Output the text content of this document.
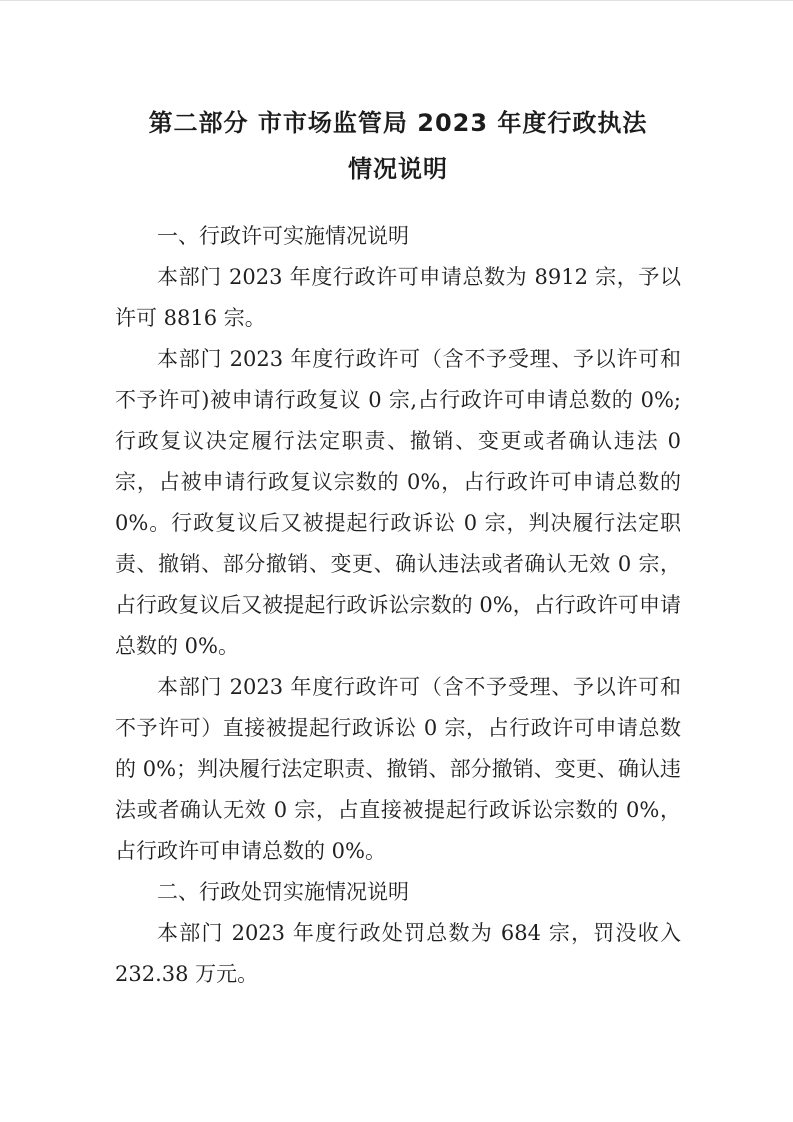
第二部分 市市场监管局 2023 年度行政执法
情况说明

一、行政许可实施情况说明

本部门 2023 年度行政许可申请总数为 8912 宗，予以许可 8816 宗。

本部门 2023 年度行政许可（含不予受理、予以许可和不予许可)被申请行政复议 0 宗,占行政许可申请总数的 0%;行政复议决定履行法定职责、撤销、变更或者确认违法 0 宗，占被申请行政复议宗数的 0%，占行政许可申请总数的 0%。行政复议后又被提起行政诉讼 0 宗，判决履行法定职责、撤销、部分撤销、变更、确认违法或者确认无效 0 宗，占行政复议后又被提起行政诉讼宗数的 0%，占行政许可申请总数的 0%。

本部门 2023 年度行政许可（含不予受理、予以许可和不予许可）直接被提起行政诉讼 0 宗，占行政许可申请总数的 0%；判决履行法定职责、撤销、部分撤销、变更、确认违法或者确认无效 0 宗，占直接被提起行政诉讼宗数的 0%，占行政许可申请总数的 0%。

二、行政处罚实施情况说明

本部门 2023 年度行政处罚总数为 684 宗，罚没收入 232.38 万元。
